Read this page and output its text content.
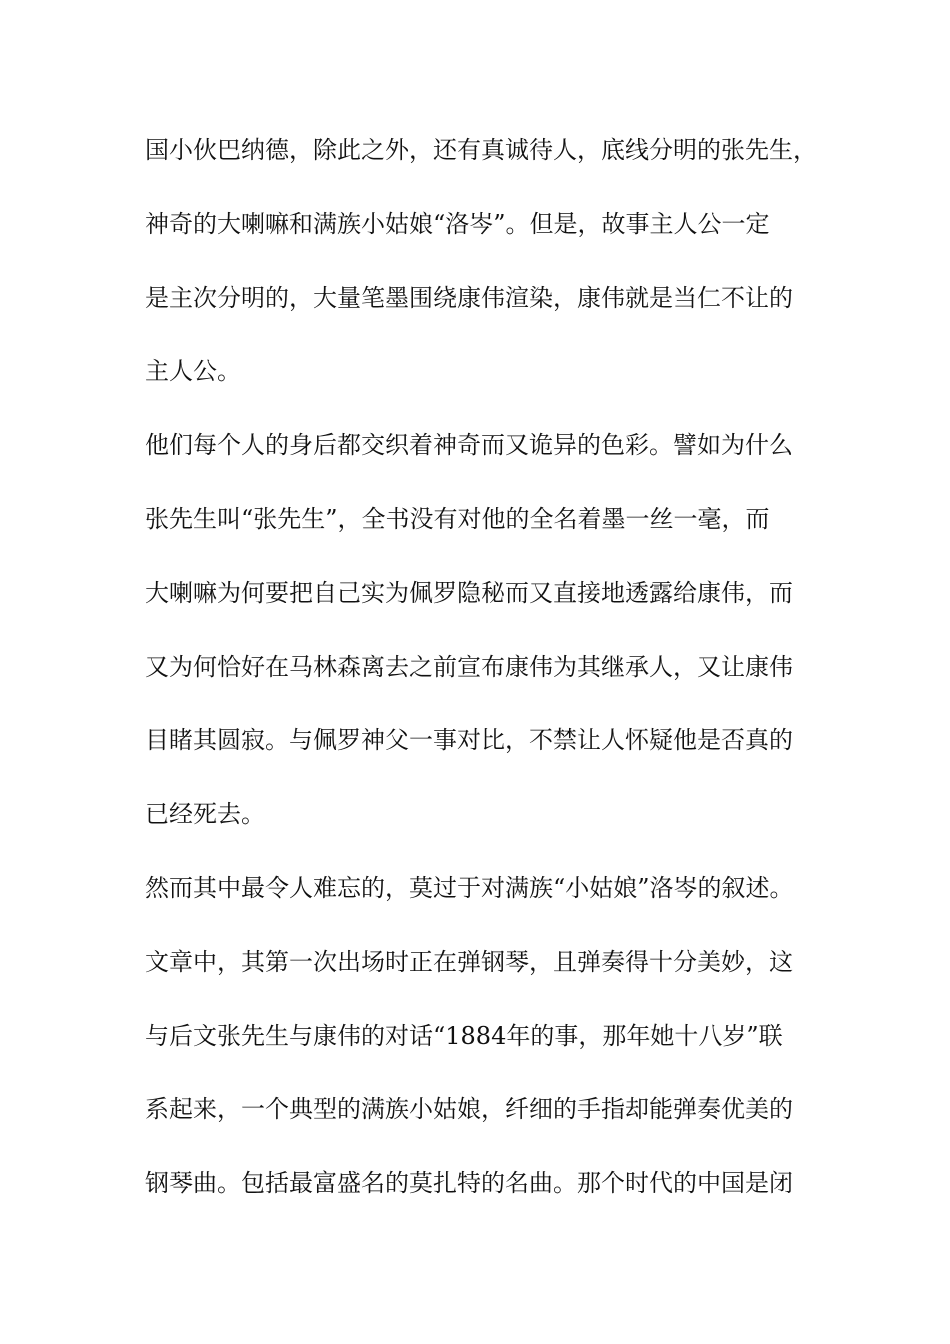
国小伙巴纳德，除此之外，还有真诚待人，底线分明的张先生，
神奇的大喇嘛和满族小姑娘“洛岑”。但是，故事主人公一定
是主次分明的，大量笔墨围绕康伟渲染，康伟就是当仁不让的
主人公。
他们每个人的身后都交织着神奇而又诡异的色彩。譬如为什么
张先生叫“张先生”，全书没有对他的全名着墨一丝一毫，而
大喇嘛为何要把自己实为佩罗隐秘而又直接地透露给康伟，而
又为何恰好在马林森离去之前宣布康伟为其继承人，又让康伟
目睹其圆寂。与佩罗神父一事对比，不禁让人怀疑他是否真的
已经死去。
然而其中最令人难忘的，莫过于对满族“小姑娘”洛岑的叙述。
文章中，其第一次出场时正在弹钢琴，且弹奏得十分美妙，这
与后文张先生与康伟的对话“1884年的事，那年她十八岁”联
系起来，一个典型的满族小姑娘，纤细的手指却能弹奏优美的
钢琴曲。包括最富盛名的莫扎特的名曲。那个时代的中国是闭
